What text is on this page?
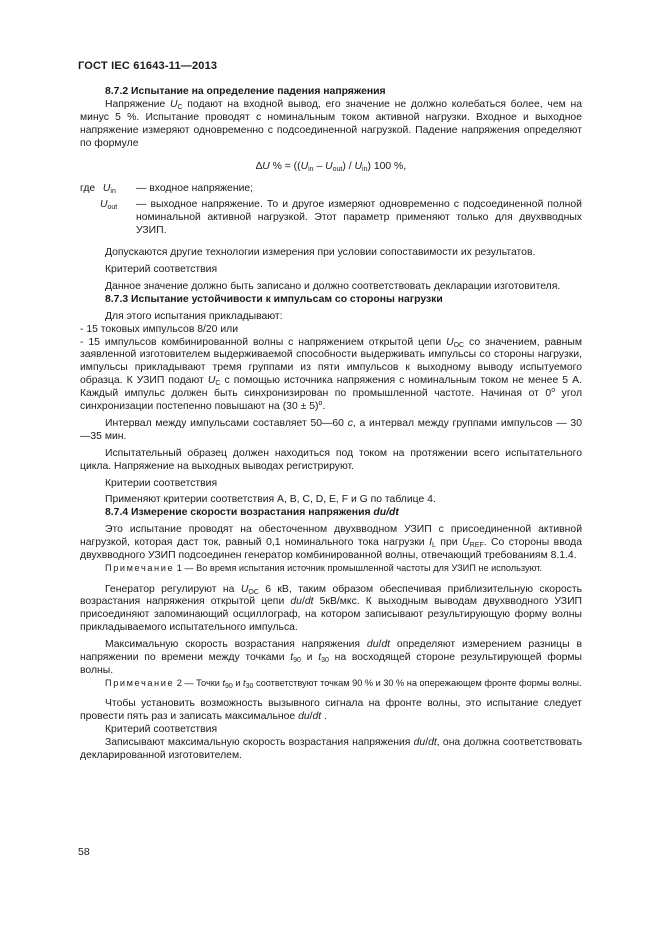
ГОСТ IEC 61643-11—2013

8.7.2 Испытание на определение падения напряжения

Напряжение $U_C$ подают на входной вывод, его значение не должно колебаться более, чем на минус 5 %. Испытание проводят с номинальным током активной нагрузки. Входное и выходное напряжение измеряют одновременно с подсоединенной нагрузкой. Падение напряжения определяют по формуле

∆U % = $((U_{in} - U_{out}) / U_{in})$ 100 %,
где $U_{in}$	— входное напряжение;
$U_{out}$	— выходное напряжение. То и другое измеряют одновременно с подсоединенной полной номинальной активной нагрузкой. Этот параметр применяют только для двухвводных УЗИП.

Допускаются другие технологии измерения при условии сопоставимости их результатов.

Критерий соответствия

Данное значение должно быть записано и должно соответствовать декларации изготовителя.

8.7.3 Испытание устойчивости к импульсам со стороны нагрузки

Для этого испытания прикладывают:

- 15 токовых импульсов 8/20 или

- 15 импульсов комбинированной волны с напряжением открытой цепи $U_{OC}$ со значением, равным заявленной изготовителем выдерживаемой способности выдерживать импульсы со стороны нагрузки, импульсы прикладывают тремя группами из пяти импульсов к выходному выводу испытуемого образца. К УЗИП подают $U_C$ с помощью источника напряжения с номинальным током не менее 5 А. Каждый импульс должен быть синхронизирован по промышленной частоте. Начиная от $0^о$ угол синхронизации постепенно повышают на $(30 \pm 5)^о$.

Интервал между импульсами составляет 50—60 с, а интервал между группами импульсов — 30—35 мин.

Испытательный образец должен находиться под током на протяжении всего испытательного цикла. Напряжение на выходных выводах регистрируют.

Критерии соответствия

Применяют критерии соответствия А, В, С, D, E, F и G по таблице 4.

8.7.4 Измерение скорости возрастания напряжения du/dt

Это испытание проводят на обесточенном двухвводном УЗИП с присоединенной активной нагрузкой, которая даст ток, равный 0,1 номинального тока нагрузки $I_L$ при $U_{REF}$. Со стороны ввода двухвводного УЗИП подсоединен генератор комбинированной волны, отвечающий требованиям 8.1.4.

Примечание 1 — Во время испытания источник промышленной частоты для УЗИП не используют.

Генератор регулируют на $U_{OC}$ 6 кВ, таким образом обеспечивая приблизительную скорость возрастания напряжения открытой цепи du/dt 5кВ/мкс. К выходным выводам двухвводного УЗИП присоединяют запоминающий осциллограф, на котором записывают результирующую форму волны прикладываемого испытательного импульса.

Максимальную скорость возрастания напряжения du/dt определяют измерением разницы в напряжении по времени между точками $t_{90}$ и $t_{30}$ на восходящей стороне результирующей формы волны.

Примечание 2 — Точки $t_{90}$ и $t_{30}$ соответствуют точкам 90 % и 30 % на опережающем фронте формы волны.

Чтобы установить возможность вызывного сигнала на фронте волны, это испытание следует провести пять раз и записать максимальное du/dt .

Критерий соответствия

Записывают максимальную скорость возрастания напряжения du/dt, она должна соответствовать декларированной изготовителем.

58
